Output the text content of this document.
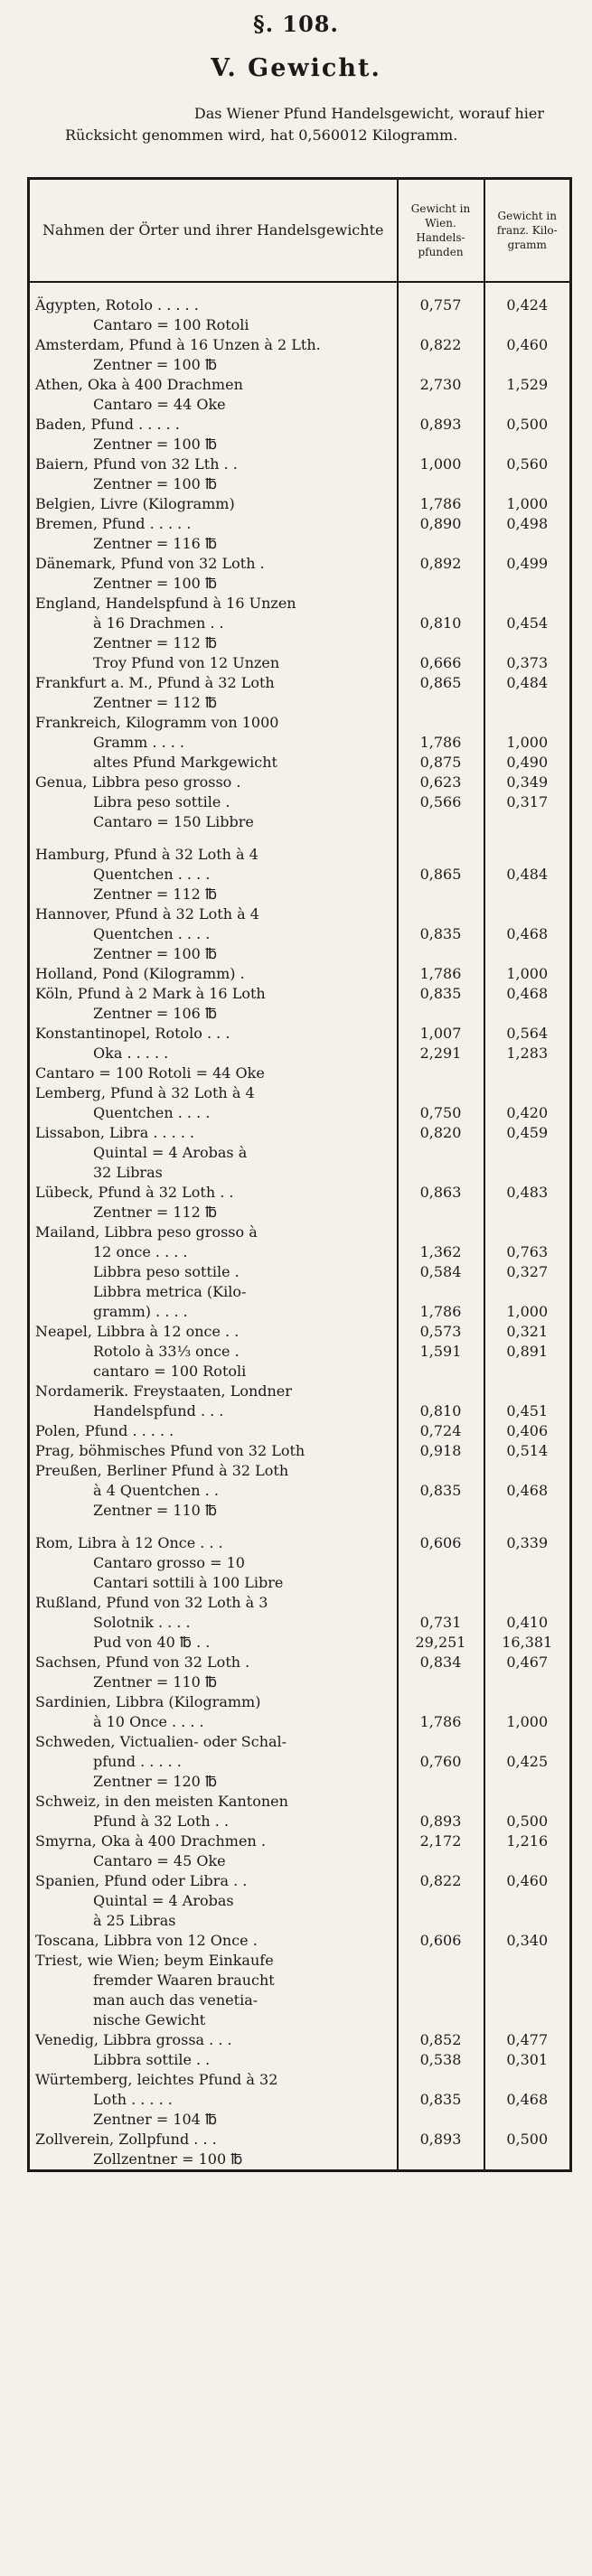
§. 108.
V. Gewicht.
Das Wiener Pfund Handelsgewicht, worauf hier
Rücksicht genommen wird, hat 0,560012 Kilogramm.
Nahmen der Örter und ihrer Handelsgewichte	Gewicht in Wien. Handels-pfunden	Gewicht in franz. Kilo-gramm

Ägypten, Rotolo . . . . .	0,757	0,424
Cantaro = 100 Rotoli		
Amsterdam, Pfund à 16 Unzen à 2 Lth.	0,822	0,460
Zentner = 100 ℔		
Athen, Oka à 400 Drachmen	2,730	1,529
Cantaro = 44 Oke		
Baden, Pfund . . . . .	0,893	0,500
Zentner = 100 ℔		
Baiern, Pfund von 32 Lth . .	1,000	0,560
Zentner = 100 ℔		
Belgien, Livre (Kilogramm)	1,786	1,000
Bremen, Pfund . . . . .	0,890	0,498
Zentner = 116 ℔		
Dänemark, Pfund von 32 Loth .	0,892	0,499
Zentner = 100 ℔		
England, Handelspfund à 16 Unzen		
à 16 Drachmen . .	0,810	0,454
Zentner = 112 ℔		
Troy Pfund von 12 Unzen	0,666	0,373
Frankfurt a. M., Pfund à 32 Loth	0,865	0,484
Zentner = 112 ℔		
Frankreich, Kilogramm von 1000		
Gramm . . . .	1,786	1,000
altes Pfund Markgewicht	0,875	0,490
Genua, Libbra peso grosso .	0,623	0,349
Libra peso sottile .	0,566	0,317
Cantaro = 150 Libbre		

Hamburg, Pfund à 32 Loth à 4		
Quentchen . . . .	0,865	0,484
Zentner = 112 ℔		
Hannover, Pfund à 32 Loth à 4		
Quentchen . . . .	0,835	0,468
Zentner = 100 ℔		
Holland, Pond (Kilogramm) .	1,786	1,000
Köln, Pfund à 2 Mark à 16 Loth	0,835	0,468
Zentner = 106 ℔		
Konstantinopel, Rotolo . . .	1,007	0,564
Oka . . . . .	2,291	1,283
Cantaro = 100 Rotoli = 44 Oke		
Lemberg, Pfund à 32 Loth à 4		
Quentchen . . . .	0,750	0,420
Lissabon, Libra . . . . .	0,820	0,459
Quintal = 4 Arobas à		
32 Libras		
Lübeck, Pfund à 32 Loth . .	0,863	0,483
Zentner = 112 ℔		
Mailand, Libbra peso grosso à		
12 once . . . .	1,362	0,763
Libbra peso sottile .	0,584	0,327
Libbra metrica (Kilo-		
gramm) . . . .	1,786	1,000
Neapel, Libbra à 12 once . .	0,573	0,321
Rotolo à 33⅓ once .	1,591	0,891
cantaro = 100 Rotoli		
Nordamerik. Freystaaten, Londner		
Handelspfund . . .	0,810	0,451
Polen, Pfund . . . . .	0,724	0,406
Prag, böhmisches Pfund von 32 Loth	0,918	0,514
Preußen, Berliner Pfund à 32 Loth		
à 4 Quentchen . .	0,835	0,468
Zentner = 110 ℔		

Rom, Libra à 12 Once . . .	0,606	0,339
Cantaro grosso = 10		
Cantari sottili à 100 Libre		
Rußland, Pfund von 32 Loth à 3		
Solotnik . . . .	0,731	0,410
Pud von 40 ℔ . .	29,251	16,381
Sachsen, Pfund von 32 Loth .	0,834	0,467
Zentner = 110 ℔		
Sardinien, Libbra (Kilogramm)		
à 10 Once . . . .	1,786	1,000
Schweden, Victualien- oder Schal-		
pfund . . . . .	0,760	0,425
Zentner = 120 ℔		
Schweiz, in den meisten Kantonen		
Pfund à 32 Loth . .	0,893	0,500
Smyrna, Oka à 400 Drachmen .	2,172	1,216
Cantaro = 45 Oke		
Spanien, Pfund oder Libra . .	0,822	0,460
Quintal = 4 Arobas		
à 25 Libras		
Toscana, Libbra von 12 Once .	0,606	0,340
Triest, wie Wien; beym Einkaufe		
fremder Waaren braucht		
man auch das venetia-		
nische Gewicht		
Venedig, Libbra grossa . . .	0,852	0,477
Libbra sottile . .	0,538	0,301
Würtemberg, leichtes Pfund à 32		
Loth . . . . .	0,835	0,468
Zentner = 104 ℔		
Zollverein, Zollpfund . . .	0,893	0,500
Zollzentner = 100 ℔		
